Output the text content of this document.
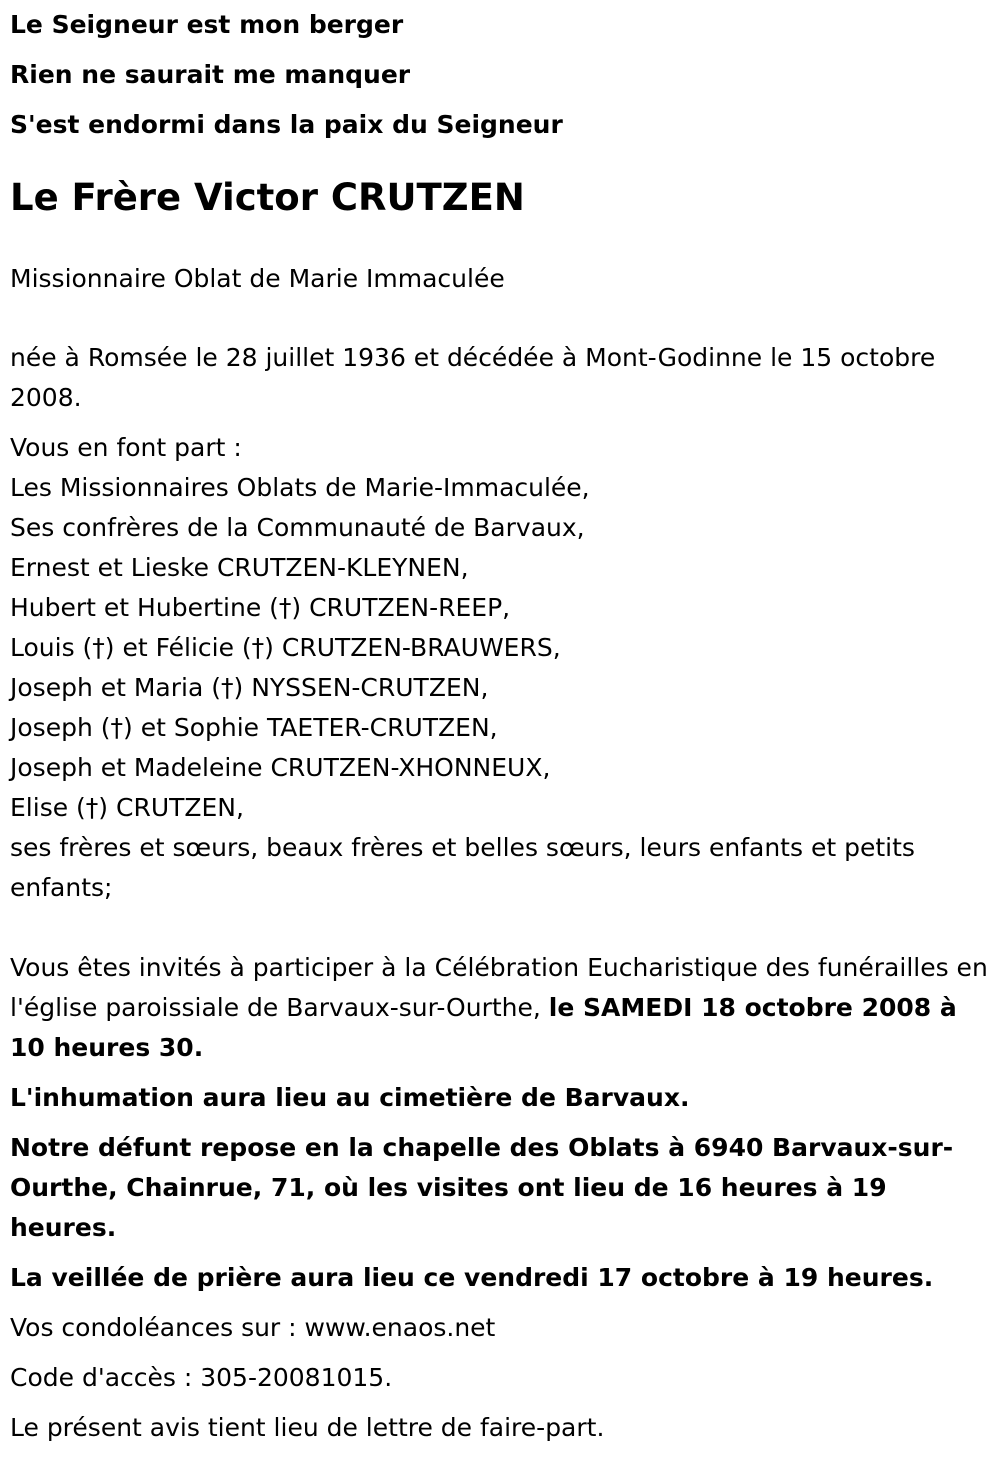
Le Seigneur est mon berger

Rien ne saurait me manquer

S'est endormi dans la paix du Seigneur

Le Frère Victor CRUTZEN

Missionnaire Oblat de Marie Immaculée

née à Romsée le 28 juillet 1936 et décédée à Mont-Godinne le 15 octobre 2008.

Vous en font part :
Les Missionnaires Oblats de Marie-Immaculée,
Ses confrères de la Communauté de Barvaux,
Ernest et Lieske CRUTZEN-KLEYNEN,
Hubert et Hubertine (†) CRUTZEN-REEP,
Louis (†) et Félicie (†) CRUTZEN-BRAUWERS,
Joseph et Maria (†) NYSSEN-CRUTZEN,
Joseph (†) et Sophie TAETER-CRUTZEN,
Joseph et Madeleine CRUTZEN-XHONNEUX,
Elise (†) CRUTZEN,
ses frères et sœurs, beaux frères et belles sœurs, leurs enfants et petits enfants;

Vous êtes invités à participer à la Célébration Eucharistique des funérailles en l'église paroissiale de Barvaux-sur-Ourthe, le SAMEDI 18 octobre 2008 à 10 heures 30.

L'inhumation aura lieu au cimetière de Barvaux.

Notre défunt repose en la chapelle des Oblats à 6940 Barvaux-sur-Ourthe, Chainrue, 71, où les visites ont lieu de 16 heures à 19 heures.

La veillée de prière aura lieu ce vendredi 17 octobre à 19 heures.

Vos condoléances sur : www.enaos.net

Code d'accès : 305-20081015.

Le présent avis tient lieu de lettre de faire-part.
